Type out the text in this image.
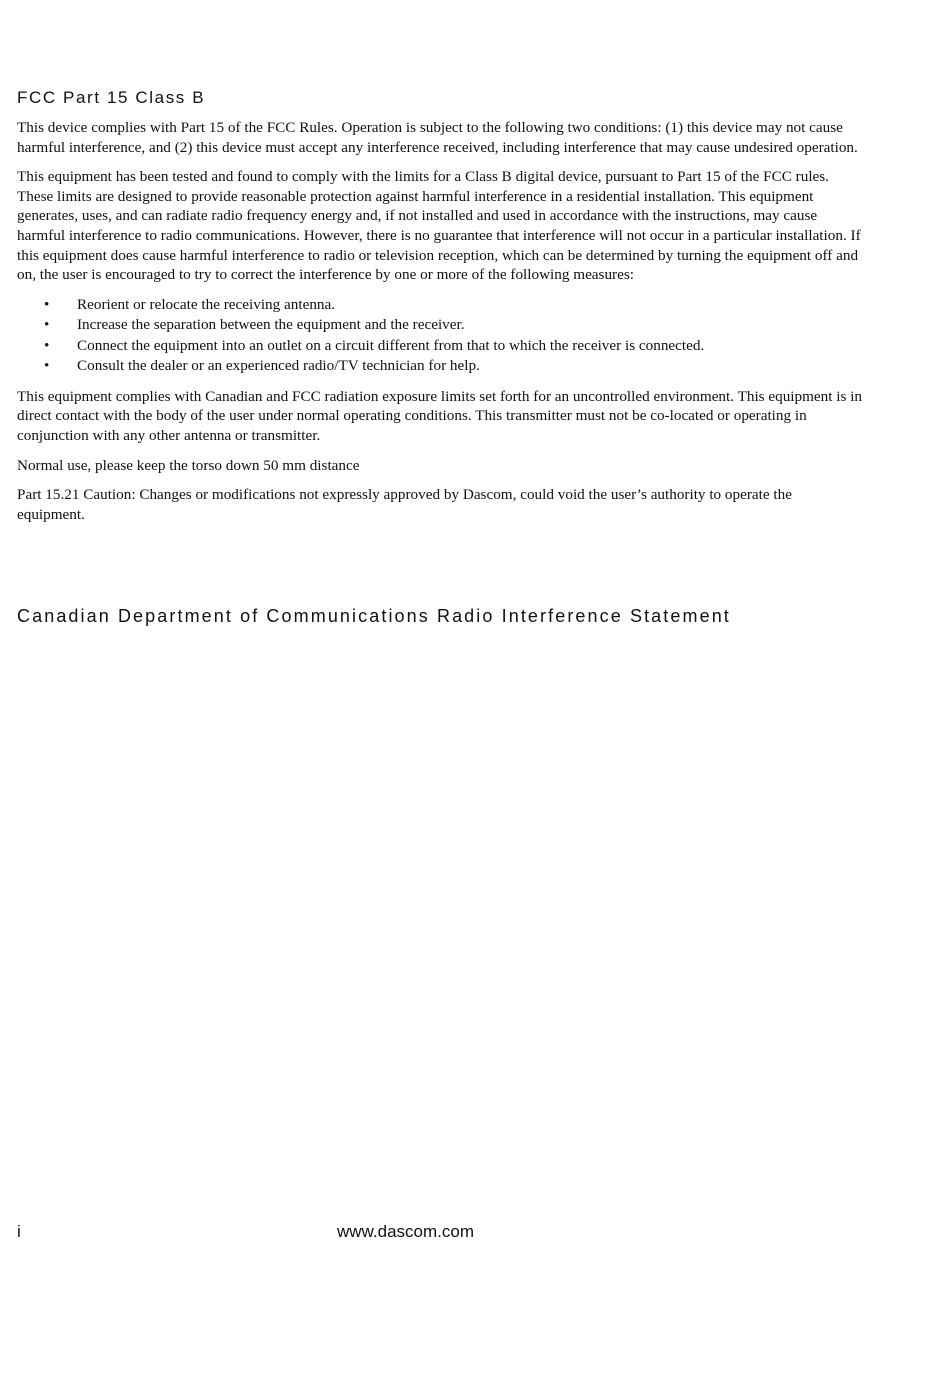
FCC Part 15 Class B

This device complies with Part 15 of the FCC Rules. Operation is subject to the following two conditions: (1) this device may not cause harmful interference, and (2) this device must accept any interference received, including interference that may cause undesired operation.

This equipment has been tested and found to comply with the limits for a Class B digital device, pursuant to Part 15 of the FCC rules. These limits are designed to provide reasonable protection against harmful interference in a residential installation. This equipment generates, uses, and can radiate radio frequency energy and, if not installed and used in accordance with the instructions, may cause harmful interference to radio communications. However, there is no guarantee that interference will not occur in a particular installation. If this equipment does cause harmful interference to radio or television reception, which can be determined by turning the equipment off and on, the user is encouraged to try to correct the interference by one or more of the following measures:

• Reorient or relocate the receiving antenna.
• Increase the separation between the equipment and the receiver.
• Connect the equipment into an outlet on a circuit different from that to which the receiver is connected.
• Consult the dealer or an experienced radio/TV technician for help.

This equipment complies with Canadian and FCC radiation exposure limits set forth for an uncontrolled environment. This equipment is in direct contact with the body of the user under normal operating conditions. This transmitter must not be co-located or operating in conjunction with any other antenna or transmitter.

Normal use, please keep the torso down 50 mm distance

Part 15.21 Caution: Changes or modifications not expressly approved by Dascom, could void the user’s authority to operate the equipment.

Canadian Department of Communications Radio Interference Statement
i	www.dascom.com
